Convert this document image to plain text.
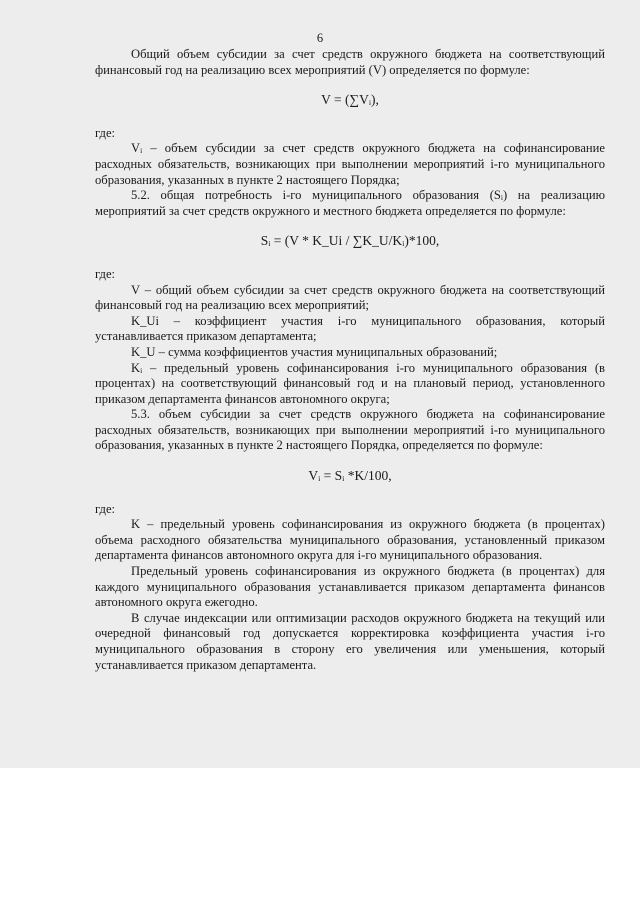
6

Общий объем субсидии за счет средств окружного бюджета на соответствующий финансовый год на реализацию всех мероприятий (V) определяется по формуле:

V = (∑Vᵢ),

где:

Vᵢ – объем субсидии за счет средств окружного бюджета на софинансирование расходных обязательств, возникающих при выполнении мероприятий i-го муниципального образования, указанных в пункте 2 настоящего Порядка;

5.2. общая потребность i-го муниципального образования (Sᵢ) на реализацию мероприятий за счет средств окружного и местного бюджета определяется по формуле:

Sᵢ = (V * K_Ui / ∑K_U/Kᵢ)*100,

где:

V – общий объем субсидии за счет средств окружного бюджета на соответствующий финансовый год на реализацию всех мероприятий;

K_Ui – коэффициент участия i-го муниципального образования, который устанавливается приказом департамента;

K_U – сумма коэффициентов участия муниципальных образований;

Kᵢ – предельный уровень софинансирования i-го муниципального образования (в процентах) на соответствующий финансовый год и на плановый период, установленного приказом департамента финансов автономного округа;

5.3. объем субсидии за счет средств окружного бюджета на софинансирование расходных обязательств, возникающих при выполнении мероприятий i-го муниципального образования, указанных в пункте 2 настоящего Порядка, определяется по формуле:

Vᵢ = Sᵢ *K/100,

где:

K – предельный уровень софинансирования из окружного бюджета (в процентах) объема расходного обязательства муниципального образования, установленный приказом департамента финансов автономного округа для i-го муниципального образования.

Предельный уровень софинансирования из окружного бюджета (в процентах) для каждого муниципального образования устанавливается приказом департамента финансов автономного округа ежегодно.

В случае индексации или оптимизации расходов окружного бюджета на текущий или очередной финансовый год допускается корректировка коэффициента участия i-го муниципального образования в сторону его увеличения или уменьшения, который устанавливается приказом департамента.
